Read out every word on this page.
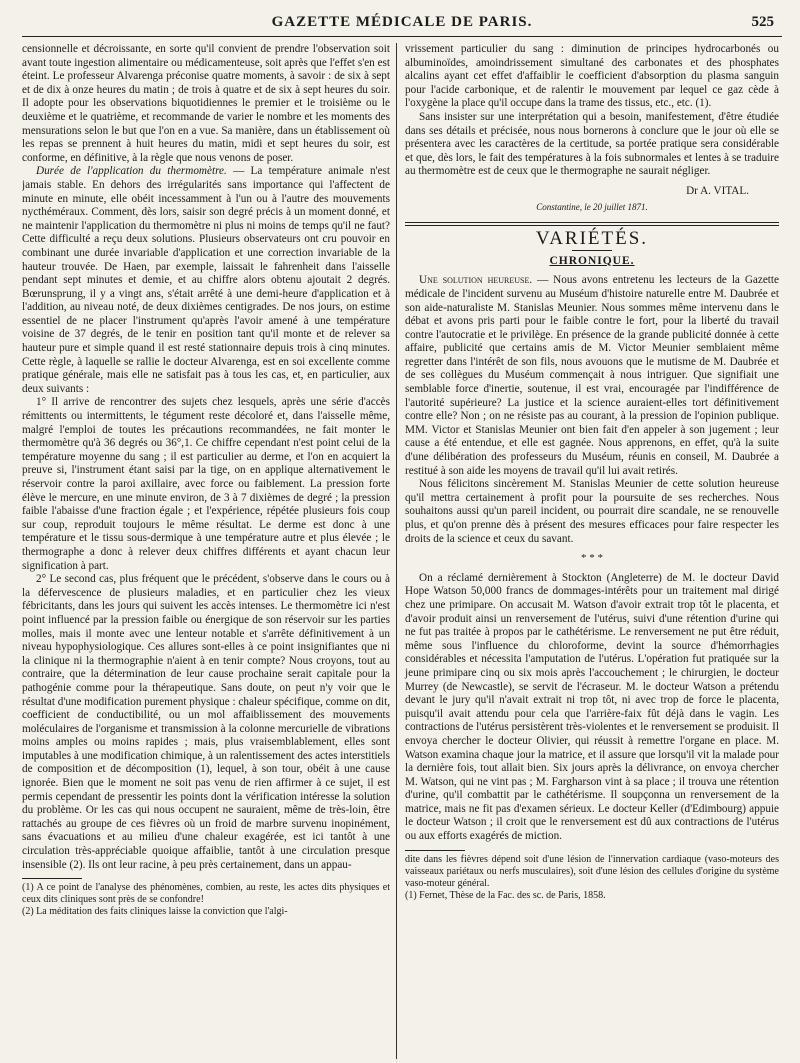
GAZETTE MÉDICALE DE PARIS.	525

censionnelle et décroissante, en sorte qu'il convient de prendre l'observation soit avant toute ingestion alimentaire ou médicamenteuse, soit après que l'effet s'en est éteint. Le professeur Alvarenga préconise quatre moments, à savoir : de six à sept et de dix à onze heures du matin ; de trois à quatre et de six à sept heures du soir. Il adopte pour les observations biquotidiennes le premier et le troisième ou le deuxième et le quatrième, et recommande de varier le nombre et les moments des mensurations selon le but que l'on en a vue. Sa manière, dans un établissement où les repas se prennent à huit heures du matin, midi et sept heures du soir, est conforme, en définitive, à la règle que nous venons de poser.

Durée de l'application du thermomètre. — La température animale n'est jamais stable. En dehors des irrégularités sans importance qui l'affectent de minute en minute, elle obéit incessamment à l'un ou à l'autre des mouvements nycthéméraux. Comment, dès lors, saisir son degré précis à un moment donné, et ne maintenir l'application du thermomètre ni plus ni moins de temps qu'il ne faut? Cette difficulté a reçu deux solutions. Plusieurs observateurs ont cru pouvoir en combinant une durée invariable d'application et une correction invariable de la hauteur trouvée. De Haen, par exemple, laissait le fahrenheit dans l'aisselle pendant sept minutes et demie, et au chiffre alors obtenu ajoutait 2 degrés. Bœrunsprung, il y a vingt ans, s'était arrêté à une demi-heure d'application et à l'addition, au niveau noté, de deux dixièmes centigrades. De nos jours, on estime essentiel de ne placer l'instrument qu'après l'avoir amené à une température voisine de 37 degrés, de le tenir en position tant qu'il monte et de relever sa hauteur pure et simple quand il est resté stationnaire depuis trois à cinq minutes. Cette règle, à laquelle se rallie le docteur Alvarenga, est en soi excellente comme pratique générale, mais elle ne satisfait pas à tous les cas, et, en particulier, aux deux suivants :

1° Il arrive de rencontrer des sujets chez lesquels, après une série d'accès rémittents ou intermittents, le tégument reste décoloré et, dans l'aisselle même, malgré l'emploi de toutes les précautions recommandées, ne fait monter le thermomètre qu'à 36 degrés ou 36°,1. Ce chiffre cependant n'est point celui de la température moyenne du sang ; il est particulier au derme, et l'on en acquiert la preuve si, l'instrument étant saisi par la tige, on en applique alternativement le réservoir contre la paroi axillaire, avec force ou faiblement. La pression forte élève le mercure, en une minute environ, de 3 à 7 dixièmes de degré ; la pression faible l'abaisse d'une fraction égale ; et l'expérience, répétée plusieurs fois coup sur coup, reproduit toujours le même résultat. Le derme est donc à une température et le tissu sous-dermique à une température autre et plus élevée ; le thermographe a donc à relever deux chiffres différents et ayant chacun leur signification à part.

2° Le second cas, plus fréquent que le précédent, s'observe dans le cours ou à la défervescence de plusieurs maladies, et en particulier chez les vieux fébricitants, dans les jours qui suivent les accès intenses. Le thermomètre ici n'est point influencé par la pression faible ou énergique de son réservoir sur les parties molles, mais il monte avec une lenteur notable et s'arrête définitivement à un niveau hypophysiologique. Ces allures sont-elles à ce point insignifiantes que ni la clinique ni la thermographie n'aient à en tenir compte? Nous croyons, tout au contraire, que la détermination de leur cause prochaine serait capitale pour la pathogénie comme pour la thérapeutique. Sans doute, on peut n'y voir que le résultat d'une modification purement physique : chaleur spécifique, comme on dit, coefficient de conductibilité, ou un mol affaiblissement des mouvements moléculaires de l'organisme et transmission à la colonne mercurielle de vibrations moins amples ou moins rapides ; mais, plus vraisemblablement, elles sont imputables à une modification chimique, à un ralentissement des actes interstitiels de composition et de décomposition (1), lequel, à son tour, obéit à une cause ignorée. Bien que le moment ne soit pas venu de rien affirmer à ce sujet, il est permis cependant de pressentir les points dont la vérification intéresse la solution du problème. Or les cas qui nous occupent ne sauraient, même de très-loin, être rattachés au groupe de ces fièvres où un froid de marbre survenu inopinément, sans évacuations et au milieu d'une chaleur exagérée, est ici tantôt à une circulation très-appréciable quoique affaiblie, tantôt à une circulation presque insensible (2). Ils ont leur racine, à peu près certainement, dans un appau-

(1) A ce point de l'analyse des phénomènes, combien, au reste, les actes dits physiques et ceux dits cliniques sont près de se confondre!

(2) La méditation des faits cliniques laisse la conviction que l'algi-

vrissement particulier du sang : diminution de principes hydrocarbonés ou albuminoïdes, amoindrissement simultané des carbonates et des phosphates alcalins ayant cet effet d'affaiblir le coefficient d'absorption du plasma sanguin pour l'acide carbonique, et de ralentir le mouvement par lequel ce gaz cède à l'oxygène la place qu'il occupe dans la trame des tissus, etc., etc. (1).

Sans insister sur une interprétation qui a besoin, manifestement, d'être étudiée dans ses détails et précisée, nous nous bornerons à conclure que le jour où elle se présentera avec les caractères de la certitude, sa portée pratique sera considérable et que, dès lors, le fait des températures à la fois subnormales et lentes à se traduire au thermomètre est de ceux que le thermographe ne saurait négliger.

Dr A. VITAL.
Constantine, le 20 juillet 1871.
VARIÉTÉS.
CHRONIQUE.

Une solution heureuse. — Nous avons entretenu les lecteurs de la Gazette médicale de l'incident survenu au Muséum d'histoire naturelle entre M. Daubrée et son aide-naturaliste M. Stanislas Meunier. Nous sommes même intervenu dans le débat et avons pris parti pour le faible contre le fort, pour la liberté du travail contre l'autocratie et le privilège. En présence de la grande publicité donnée à cette affaire, publicité que certains amis de M. Victor Meunier semblaient même regretter dans l'intérêt de son fils, nous avouons que le mutisme de M. Daubrée et de ses collègues du Muséum commençait à nous intriguer. Que signifiait une semblable force d'inertie, soutenue, il est vrai, encouragée par l'indifférence de l'autorité supérieure? La justice et la science auraient-elles tort définitivement contre elle? Non ; on ne résiste pas au courant, à la pression de l'opinion publique. MM. Victor et Stanislas Meunier ont bien fait d'en appeler à son jugement ; leur cause a été entendue, et elle est gagnée. Nous apprenons, en effet, qu'à la suite d'une délibération des professeurs du Muséum, réunis en conseil, M. Daubrée a restitué à son aide les moyens de travail qu'il lui avait retirés.

Nous félicitons sincèrement M. Stanislas Meunier de cette solution heureuse qu'il mettra certainement à profit pour la poursuite de ses recherches. Nous souhaitons aussi qu'un pareil incident, ou pourrait dire scandale, ne se renouvelle plus, et qu'on prenne dès à présent des mesures efficaces pour faire respecter les droits de la science et ceux du savant.

* * *

On a réclamé dernièrement à Stockton (Angleterre) de M. le docteur David Hope Watson 50,000 francs de dommages-intérêts pour un traitement mal dirigé chez une primipare. On accusait M. Watson d'avoir extrait trop tôt le placenta, et d'avoir produit ainsi un renversement de l'utérus, suivi d'une rétention d'urine qui ne fut pas traitée à propos par le cathétérisme. Le renversement ne put être réduit, même sous l'influence du chloroforme, devint la source d'hémorrhagies considérables et nécessita l'amputation de l'utérus. L'opération fut pratiquée sur la jeune primipare cinq ou six mois après l'accouchement ; le chirurgien, le docteur Murrey (de Newcastle), se servit de l'écraseur. M. le docteur Watson a prétendu devant le jury qu'il n'avait extrait ni trop tôt, ni avec trop de force le placenta, puisqu'il avait attendu pour cela que l'arrière-faix fût déjà dans le vagin. Les contractions de l'utérus persistèrent très-violentes et le renversement se produisit. Il envoya chercher le docteur Olivier, qui réussit à remettre l'organe en place. M. Watson examina chaque jour la matrice, et il assure que lorsqu'il vit la malade pour la dernière fois, tout allait bien. Six jours après la délivrance, on envoya chercher M. Watson, qui ne vint pas ; M. Fargharson vint à sa place ; il trouva une rétention d'urine, qu'il combattit par le cathétérisme. Il soupçonna un renversement de la matrice, mais ne fit pas d'examen sérieux. Le docteur Keller (d'Edimbourg) appuie le docteur Watson ; il croit que le renversement est dû aux contractions de l'utérus ou aux efforts exagérés de miction.

dite dans les fièvres dépend soit d'une lésion de l'innervation cardiaque (vaso-moteurs des vaisseaux pariétaux ou nerfs musculaires), soit d'une lésion des cellules d'origine du système vaso-moteur général.

(1) Fernet, Thèse de la Fac. des sc. de Paris, 1858.
